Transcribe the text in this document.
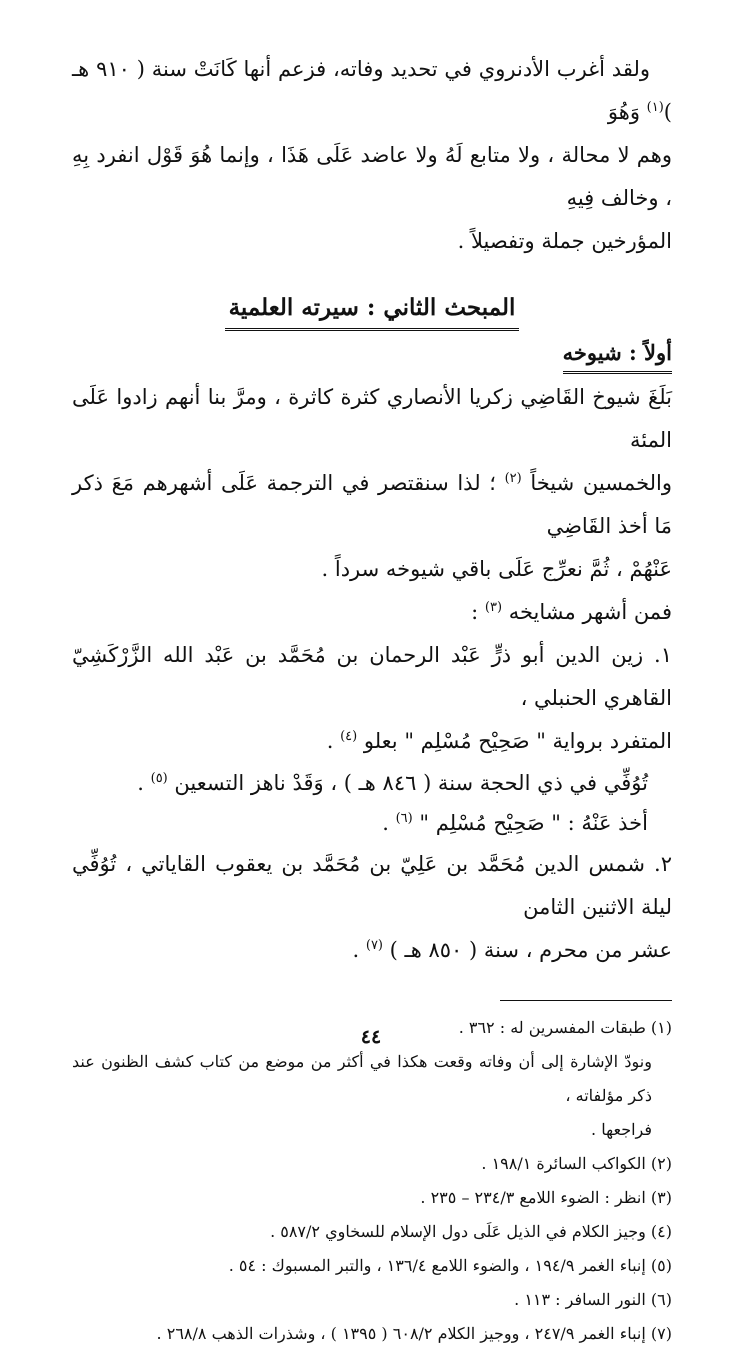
ولقد أغرب الأدنروي في تحديد وفاته، فزعم أنها كَانَتْ سنة ( ٩١٠ هـ )$^{(١)}$ وَهُوَ

وهم لا محالة ، ولا متابع لَهُ ولا عاضد عَلَى هَذَا ، وإنما هُوَ قَوْل انفرد بِهِ ، وخالف فِيهِ

المؤرخين جملة وتفصيلاً .

المبحث الثاني : سيرته العلمية
أولاً : شيوخه

بَلَغَ شيوخ القَاضِي زكريا الأنصاري كثرة كاثرة ، ومرَّ بنا أنهم زادوا عَلَى المئة

والخمسين شيخاً $^{(٢)}$ ؛ لذا سنقتصر في الترجمة عَلَى أشهرهم مَعَ ذكر مَا أخذ القَاضِي

عَنْهُمْ ، ثُمَّ نعرِّج عَلَى باقي شيوخه سرداً .

فمن أشهر مشايخه $^{(٣)}$ :

١. زين الدين أبو ذرٍّ عَبْد الرحمان بن مُحَمَّد بن عَبْد الله الزَّرْكَشِيّ القاهري الحنبلي ،

المتفرد برواية " صَحِيْح مُسْلِم " بعلو $^{(٤)}$ .

تُوُفِّي في ذي الحجة سنة ( ٨٤٦ هـ ) ، وَقَدْ ناهز التسعين $^{(٥)}$ .

أخذ عَنْهُ : " صَحِيْح مُسْلِم " $^{(٦)}$ .

٢. شمس الدين مُحَمَّد بن عَلِيّ بن مُحَمَّد بن يعقوب القاياتي ، تُوُفِّي ليلة الاثنين الثامن

عشر من محرم ، سنة ( ٨٥٠ هـ ) $^{(٧)}$ .

(١) طبقات المفسرين له : ٣٦٢ .

ونودّ الإشارة إلى أن وفاته وقعت هكذا في أكثر من موضع من كتاب كشف الظنون عند ذكر مؤلفاته ،

فراجعها .

(٢) الكواكب السائرة ١٩٨/١ .

(٣) انظر : الضوء اللامع ٢٣٤/٣ – ٢٣٥ .

(٤) وجيز الكلام في الذيل عَلَى دول الإسلام للسخاوي ٥٨٧/٢ .

(٥) إنباء الغمر ١٩٤/٩ ، والضوء اللامع ١٣٦/٤ ، والتبر المسبوك : ٥٤ .

(٦) النور السافر : ١١٣ .

(٧) إنباء الغمر ٢٤٧/٩ ، ووجيز الكلام ٦٠٨/٢ ( ١٣٩٥ ) ، وشذرات الذهب ٢٦٨/٨ .

٤٤
